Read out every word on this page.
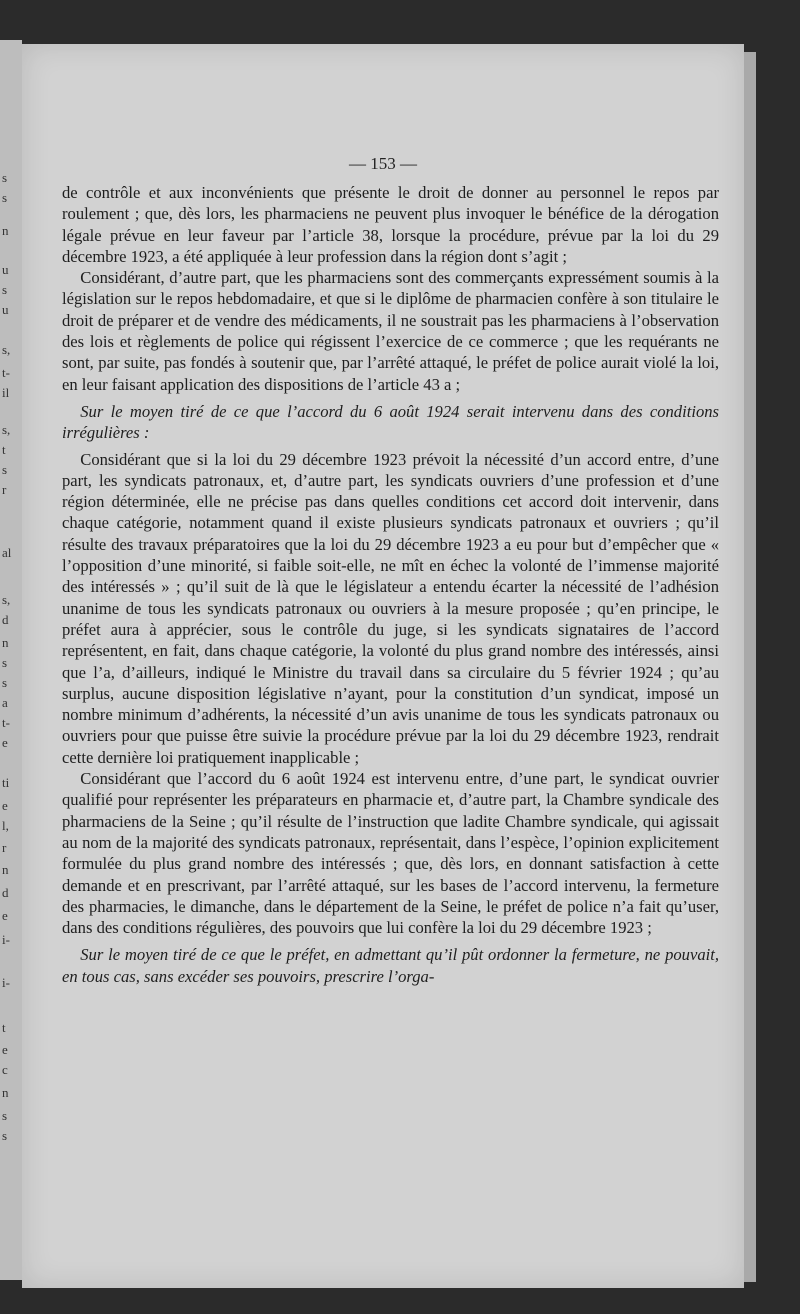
s
s
n
u
s
u
s,
t-
il
s,
t
s
r
al
s,
d
n
s
s
a
t-
e
ti
e
l,
r
n
d
e
i-
i-
t
e
c
n
s
s
— 153 —

de contrôle et aux inconvénients que présente le droit de donner au personnel le repos par roulement ; que, dès lors, les pharmaciens ne peuvent plus invoquer le bénéfice de la dérogation légale prévue en leur faveur par l’article 38, lorsque la procédure, prévue par la loi du 29 décembre 1923, a été appliquée à leur profession dans la région dont s’agit ;

Considérant, d’autre part, que les pharmaciens sont des commerçants expressément soumis à la législation sur le repos hebdomadaire, et que si le diplôme de pharmacien confère à son titulaire le droit de préparer et de vendre des médicaments, il ne soustrait pas les pharmaciens à l’observation des lois et règlements de police qui régissent l’exercice de ce commerce ; que les requérants ne sont, par suite, pas fondés à soutenir que, par l’arrêté attaqué, le préfet de police aurait violé la loi, en leur faisant application des dispositions de l’article 43 a ;

Sur le moyen tiré de ce que l’accord du 6 août 1924 serait intervenu dans des conditions irrégulières :

Considérant que si la loi du 29 décembre 1923 prévoit la nécessité d’un accord entre, d’une part, les syndicats patronaux, et, d’autre part, les syndicats ouvriers d’une profession et d’une région déterminée, elle ne précise pas dans quelles conditions cet accord doit intervenir, dans chaque catégorie, notamment quand il existe plusieurs syndicats patronaux et ouvriers ; qu’il résulte des travaux préparatoires que la loi du 29 décembre 1923 a eu pour but d’empêcher que « l’opposition d’une minorité, si faible soit-elle, ne mît en échec la volonté de l’immense majorité des intéressés » ; qu’il suit de là que le législateur a entendu écarter la nécessité de l’adhésion unanime de tous les syndicats patronaux ou ouvriers à la mesure proposée ; qu’en principe, le préfet aura à apprécier, sous le contrôle du juge, si les syndicats signataires de l’accord représentent, en fait, dans chaque catégorie, la volonté du plus grand nombre des intéressés, ainsi que l’a, d’ailleurs, indiqué le Ministre du travail dans sa circulaire du 5 février 1924 ; qu’au surplus, aucune disposition législative n’ayant, pour la constitution d’un syndicat, imposé un nombre minimum d’adhérents, la nécessité d’un avis unanime de tous les syndicats patronaux ou ouvriers pour que puisse être suivie la procédure prévue par la loi du 29 décembre 1923, rendrait cette dernière loi pratiquement inapplicable ;

Considérant que l’accord du 6 août 1924 est intervenu entre, d’une part, le syndicat ouvrier qualifié pour représenter les préparateurs en pharmacie et, d’autre part, la Chambre syndicale des pharmaciens de la Seine ; qu’il résulte de l’instruction que ladite Chambre syndicale, qui agissait au nom de la majorité des syndicats patronaux, représentait, dans l’espèce, l’opinion explicitement formulée du plus grand nombre des intéressés ; que, dès lors, en donnant satisfaction à cette demande et en prescrivant, par l’arrêté attaqué, sur les bases de l’accord intervenu, la fermeture des pharmacies, le dimanche, dans le département de la Seine, le préfet de police n’a fait qu’user, dans des conditions régulières, des pouvoirs que lui confère la loi du 29 décembre 1923 ;

Sur le moyen tiré de ce que le préfet, en admettant qu’il pût ordonner la fermeture, ne pouvait, en tous cas, sans excéder ses pouvoirs, prescrire l’orga-
